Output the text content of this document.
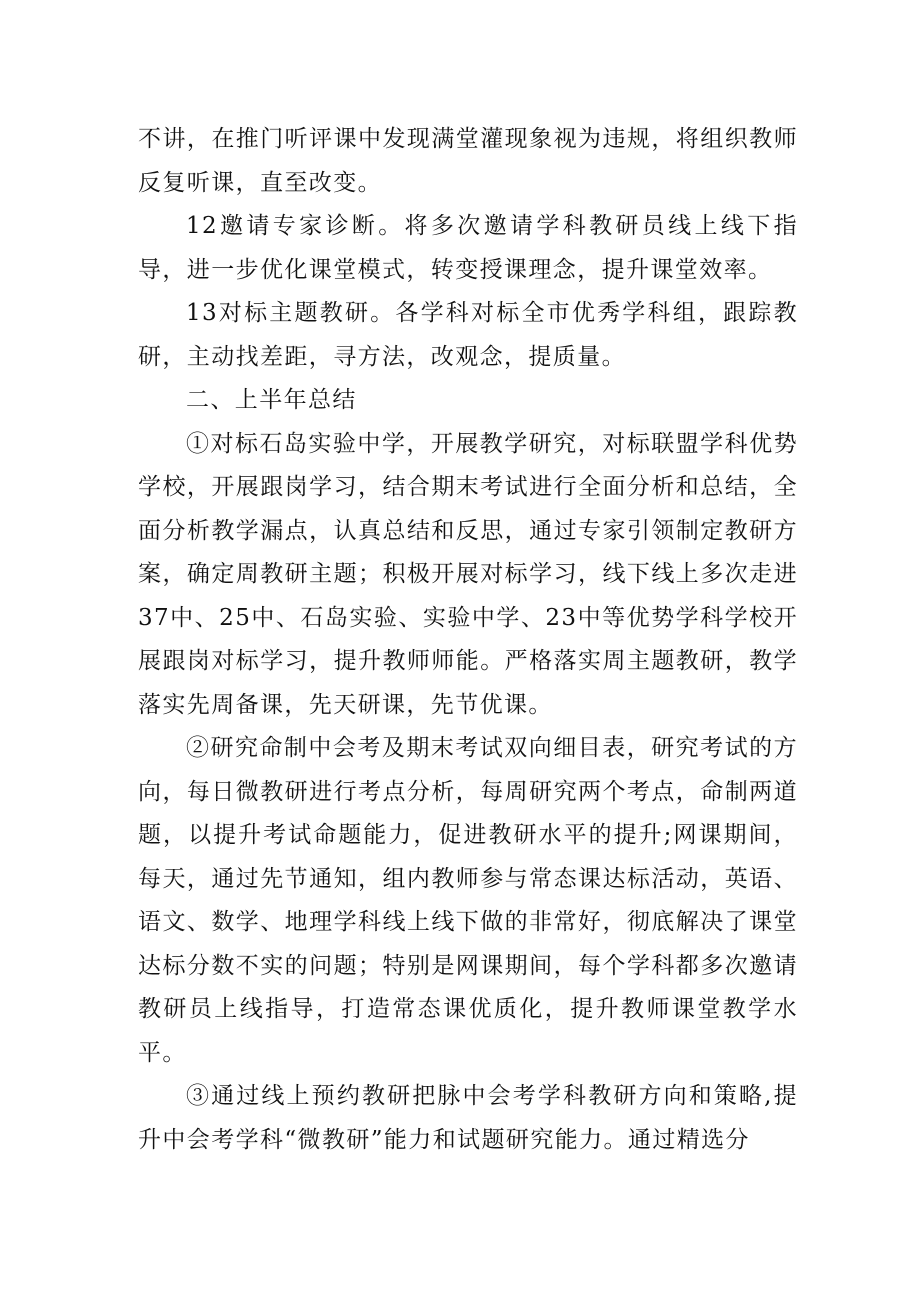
不讲，在推门听评课中发现满堂灌现象视为违规，将组织教师反复听课，直至改变。

12邀请专家诊断。将多次邀请学科教研员线上线下指导，进一步优化课堂模式，转变授课理念，提升课堂效率。

13对标主题教研。各学科对标全市优秀学科组，跟踪教研，主动找差距，寻方法，改观念，提质量。

二、上半年总结

①对标石岛实验中学，开展教学研究，对标联盟学科优势学校，开展跟岗学习，结合期末考试进行全面分析和总结，全面分析教学漏点，认真总结和反思，通过专家引领制定教研方案，确定周教研主题；积极开展对标学习，线下线上多次走进37中、25中、石岛实验、实验中学、23中等优势学科学校开展跟岗对标学习，提升教师师能。严格落实周主题教研，教学落实先周备课，先天研课，先节优课。

②研究命制中会考及期末考试双向细目表，研究考试的方向，每日微教研进行考点分析，每周研究两个考点，命制两道题，以提升考试命题能力，促进教研水平的提升;网课期间，每天，通过先节通知，组内教师参与常态课达标活动，英语、语文、数学、地理学科线上线下做的非常好，彻底解决了课堂达标分数不实的问题；特别是网课期间，每个学科都多次邀请教研员上线指导，打造常态课优质化，提升教师课堂教学水平。

③通过线上预约教研把脉中会考学科教研方向和策略,提升中会考学科“微教研”能力和试题研究能力。通过精选分
